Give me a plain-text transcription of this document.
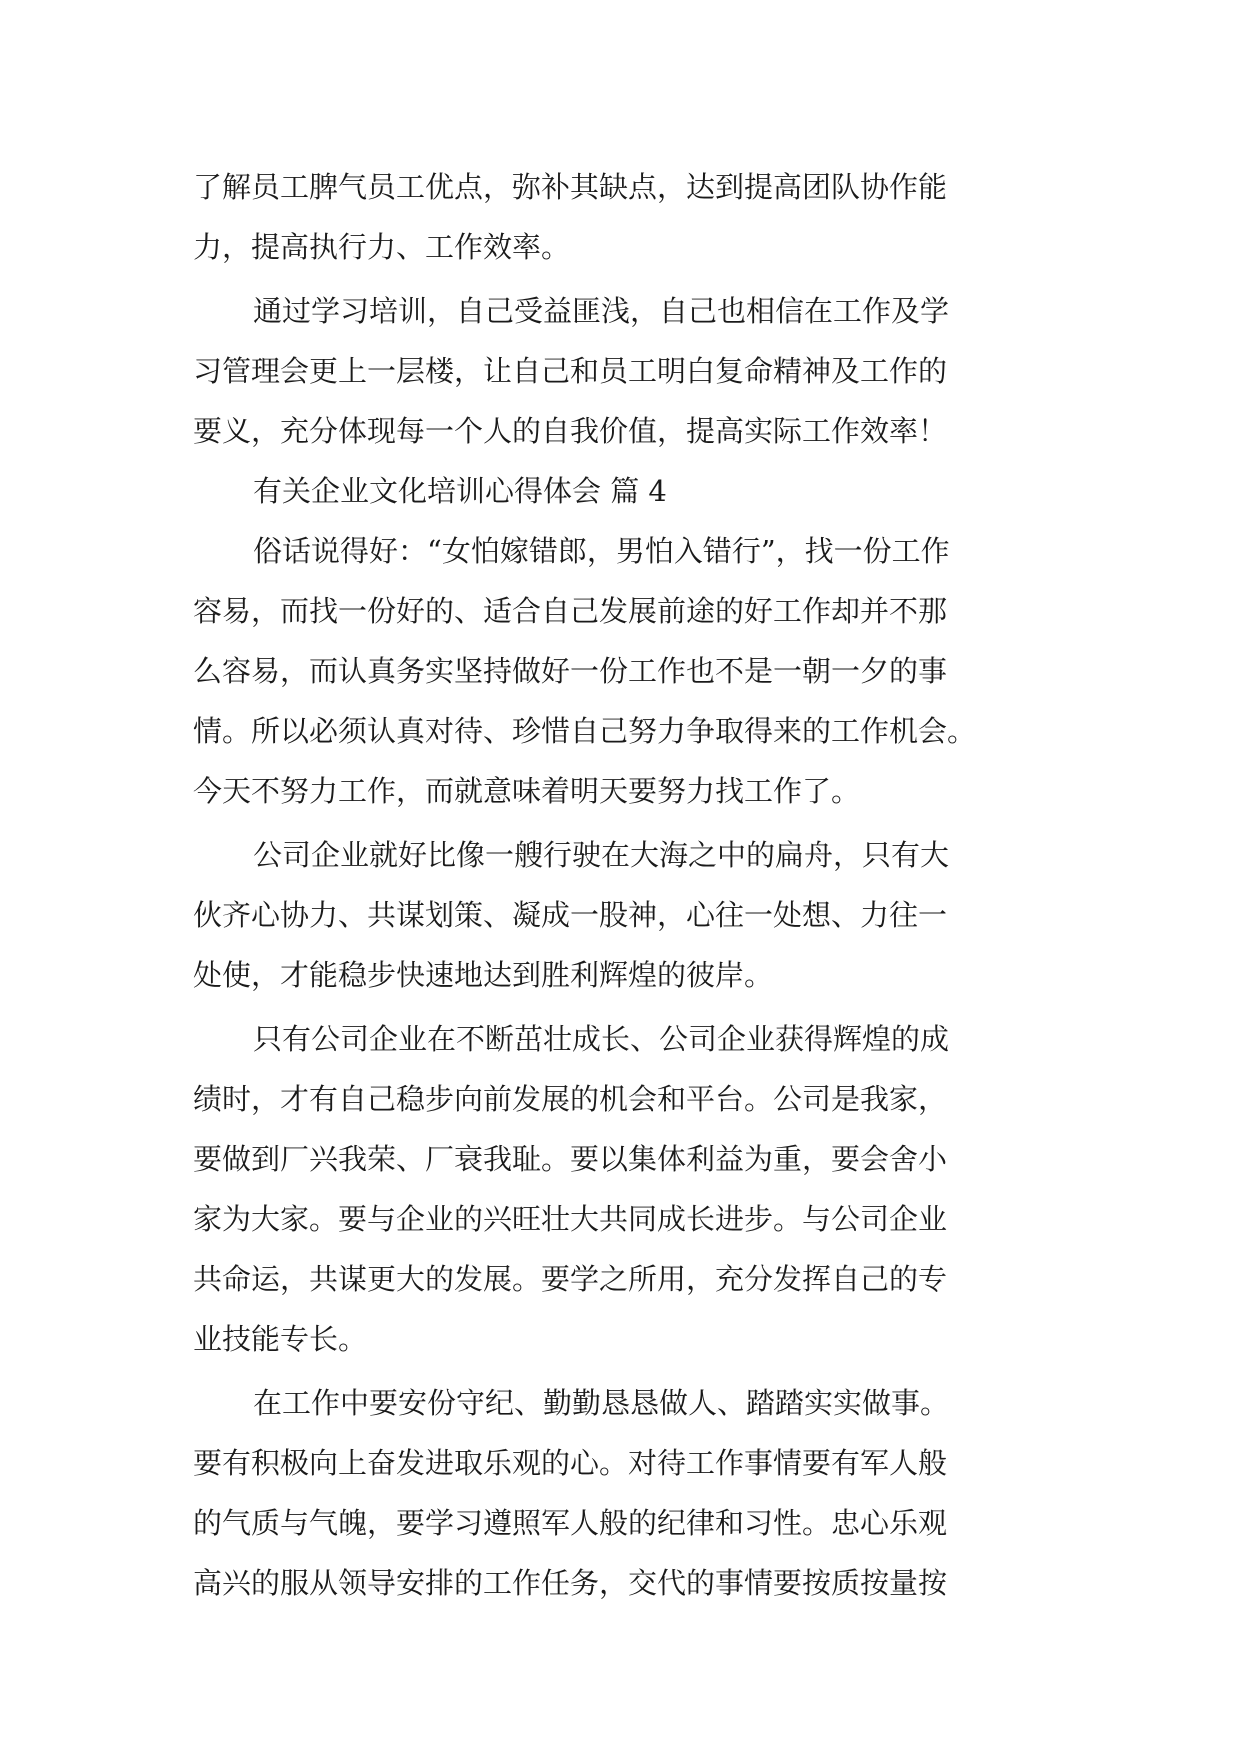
了解员工脾气员工优点，弥补其缺点，达到提高团队协作能
力，提高执行力、工作效率。

通过学习培训，自己受益匪浅，自己也相信在工作及学
习管理会更上一层楼，让自己和员工明白复命精神及工作的
要义，充分体现每一个人的自我价值，提高实际工作效率！

有关企业文化培训心得体会 篇 4

俗话说得好：“女怕嫁错郎，男怕入错行”，找一份工作
容易，而找一份好的、适合自己发展前途的好工作却并不那
么容易，而认真务实坚持做好一份工作也不是一朝一夕的事
情。所以必须认真对待、珍惜自己努力争取得来的工作机会。
今天不努力工作，而就意味着明天要努力找工作了。

公司企业就好比像一艘行驶在大海之中的扁舟，只有大
伙齐心协力、共谋划策、凝成一股神，心往一处想、力往一
处使，才能稳步快速地达到胜利辉煌的彼岸。

只有公司企业在不断茁壮成长、公司企业获得辉煌的成
绩时，才有自己稳步向前发展的机会和平台。公司是我家，
要做到厂兴我荣、厂衰我耻。要以集体利益为重，要会舍小
家为大家。要与企业的兴旺壮大共同成长进步。与公司企业
共命运，共谋更大的发展。要学之所用，充分发挥自己的专
业技能专长。

在工作中要安份守纪、勤勤恳恳做人、踏踏实实做事。
要有积极向上奋发进取乐观的心。对待工作事情要有军人般
的气质与气魄，要学习遵照军人般的纪律和习性。忠心乐观
高兴的服从领导安排的工作任务，交代的事情要按质按量按
